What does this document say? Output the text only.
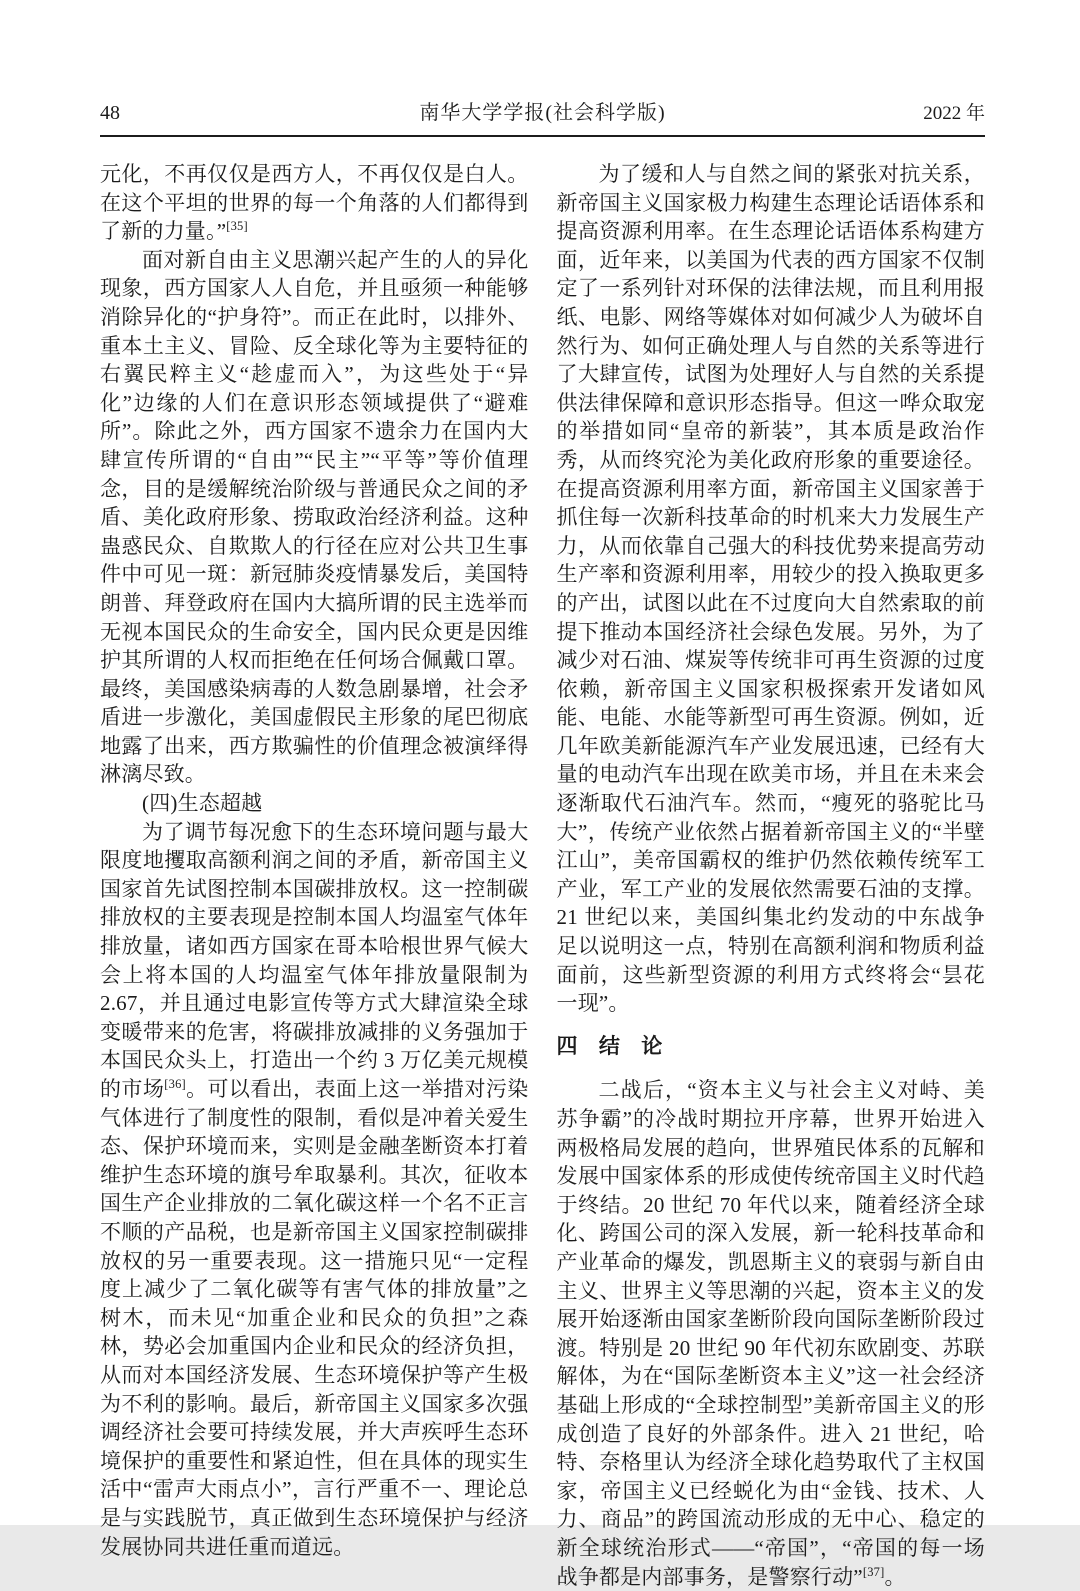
48	南华大学学报(社会科学版)	2022 年

元化，不再仅仅是西方人，不再仅仅是白人。在这个平坦的世界的每一个角落的人们都得到了新的力量。”[35]

面对新自由主义思潮兴起产生的人的异化现象，西方国家人人自危，并且亟须一种能够消除异化的“护身符”。而正在此时，以排外、重本土主义、冒险、反全球化等为主要特征的右翼民粹主义“趁虚而入”，为这些处于“异化”边缘的人们在意识形态领域提供了“避难所”。除此之外，西方国家不遗余力在国内大肆宣传所谓的“自由”“民主”“平等”等价值理念，目的是缓解统治阶级与普通民众之间的矛盾、美化政府形象、捞取政治经济利益。这种蛊惑民众、自欺欺人的行径在应对公共卫生事件中可见一斑：新冠肺炎疫情暴发后，美国特朗普、拜登政府在国内大搞所谓的民主选举而无视本国民众的生命安全，国内民众更是因维护其所谓的人权而拒绝在任何场合佩戴口罩。最终，美国感染病毒的人数急剧暴增，社会矛盾进一步激化，美国虚假民主形象的尾巴彻底地露了出来，西方欺骗性的价值理念被演绎得淋漓尽致。

(四)生态超越

为了调节每况愈下的生态环境问题与最大限度地攫取高额利润之间的矛盾，新帝国主义国家首先试图控制本国碳排放权。这一控制碳排放权的主要表现是控制本国人均温室气体年排放量，诸如西方国家在哥本哈根世界气候大会上将本国的人均温室气体年排放量限制为 2.67，并且通过电影宣传等方式大肆渲染全球变暖带来的危害，将碳排放减排的义务强加于本国民众头上，打造出一个约 3 万亿美元规模的市场[36]。可以看出，表面上这一举措对污染气体进行了制度性的限制，看似是冲着关爱生态、保护环境而来，实则是金融垄断资本打着维护生态环境的旗号牟取暴利。其次，征收本国生产企业排放的二氧化碳这样一个名不正言不顺的产品税，也是新帝国主义国家控制碳排放权的另一重要表现。这一措施只见“一定程度上减少了二氧化碳等有害气体的排放量”之树木，而未见“加重企业和民众的负担”之森林，势必会加重国内企业和民众的经济负担，从而对本国经济发展、生态环境保护等产生极为不利的影响。最后，新帝国主义国家多次强调经济社会要可持续发展，并大声疾呼生态环境保护的重要性和紧迫性，但在具体的现实生活中“雷声大雨点小”，言行严重不一、理论总是与实践脱节，真正做到生态环境保护与经济发展协同共进任重而道远。

为了缓和人与自然之间的紧张对抗关系，新帝国主义国家极力构建生态理论话语体系和提高资源利用率。在生态理论话语体系构建方面，近年来，以美国为代表的西方国家不仅制定了一系列针对环保的法律法规，而且利用报纸、电影、网络等媒体对如何减少人为破坏自然行为、如何正确处理人与自然的关系等进行了大肆宣传，试图为处理好人与自然的关系提供法律保障和意识形态指导。但这一哗众取宠的举措如同“皇帝的新装”，其本质是政治作秀，从而终究沦为美化政府形象的重要途径。在提高资源利用率方面，新帝国主义国家善于抓住每一次新科技革命的时机来大力发展生产力，从而依靠自己强大的科技优势来提高劳动生产率和资源利用率，用较少的投入换取更多的产出，试图以此在不过度向大自然索取的前提下推动本国经济社会绿色发展。另外，为了减少对石油、煤炭等传统非可再生资源的过度依赖，新帝国主义国家积极探索开发诸如风能、电能、水能等新型可再生资源。例如，近几年欧美新能源汽车产业发展迅速，已经有大量的电动汽车出现在欧美市场，并且在未来会逐渐取代石油汽车。然而，“瘦死的骆驼比马大”，传统产业依然占据着新帝国主义的“半壁江山”，美帝国霸权的维护仍然依赖传统军工产业，军工产业的发展依然需要石油的支撑。21 世纪以来，美国纠集北约发动的中东战争足以说明这一点，特别在高额利润和物质利益面前，这些新型资源的利用方式终将会“昙花一现”。

四　结　论

二战后，“资本主义与社会主义对峙、美苏争霸”的冷战时期拉开序幕，世界开始进入两极格局发展的趋向，世界殖民体系的瓦解和发展中国家体系的形成使传统帝国主义时代趋于终结。20 世纪 70 年代以来，随着经济全球化、跨国公司的深入发展，新一轮科技革命和产业革命的爆发，凯恩斯主义的衰弱与新自由主义、世界主义等思潮的兴起，资本主义的发展开始逐渐由国家垄断阶段向国际垄断阶段过渡。特别是 20 世纪 90 年代初东欧剧变、苏联解体，为在“国际垄断资本主义”这一社会经济基础上形成的“全球控制型”美新帝国主义的形成创造了良好的外部条件。进入 21 世纪，哈特、奈格里认为经济全球化趋势取代了主权国家，帝国主义已经蜕化为由“金钱、技术、人力、商品”的跨国流动形成的无中心、稳定的新全球统治形式——“帝国”，“帝国的每一场战争都是内部事务，是警察行动”[37]。
